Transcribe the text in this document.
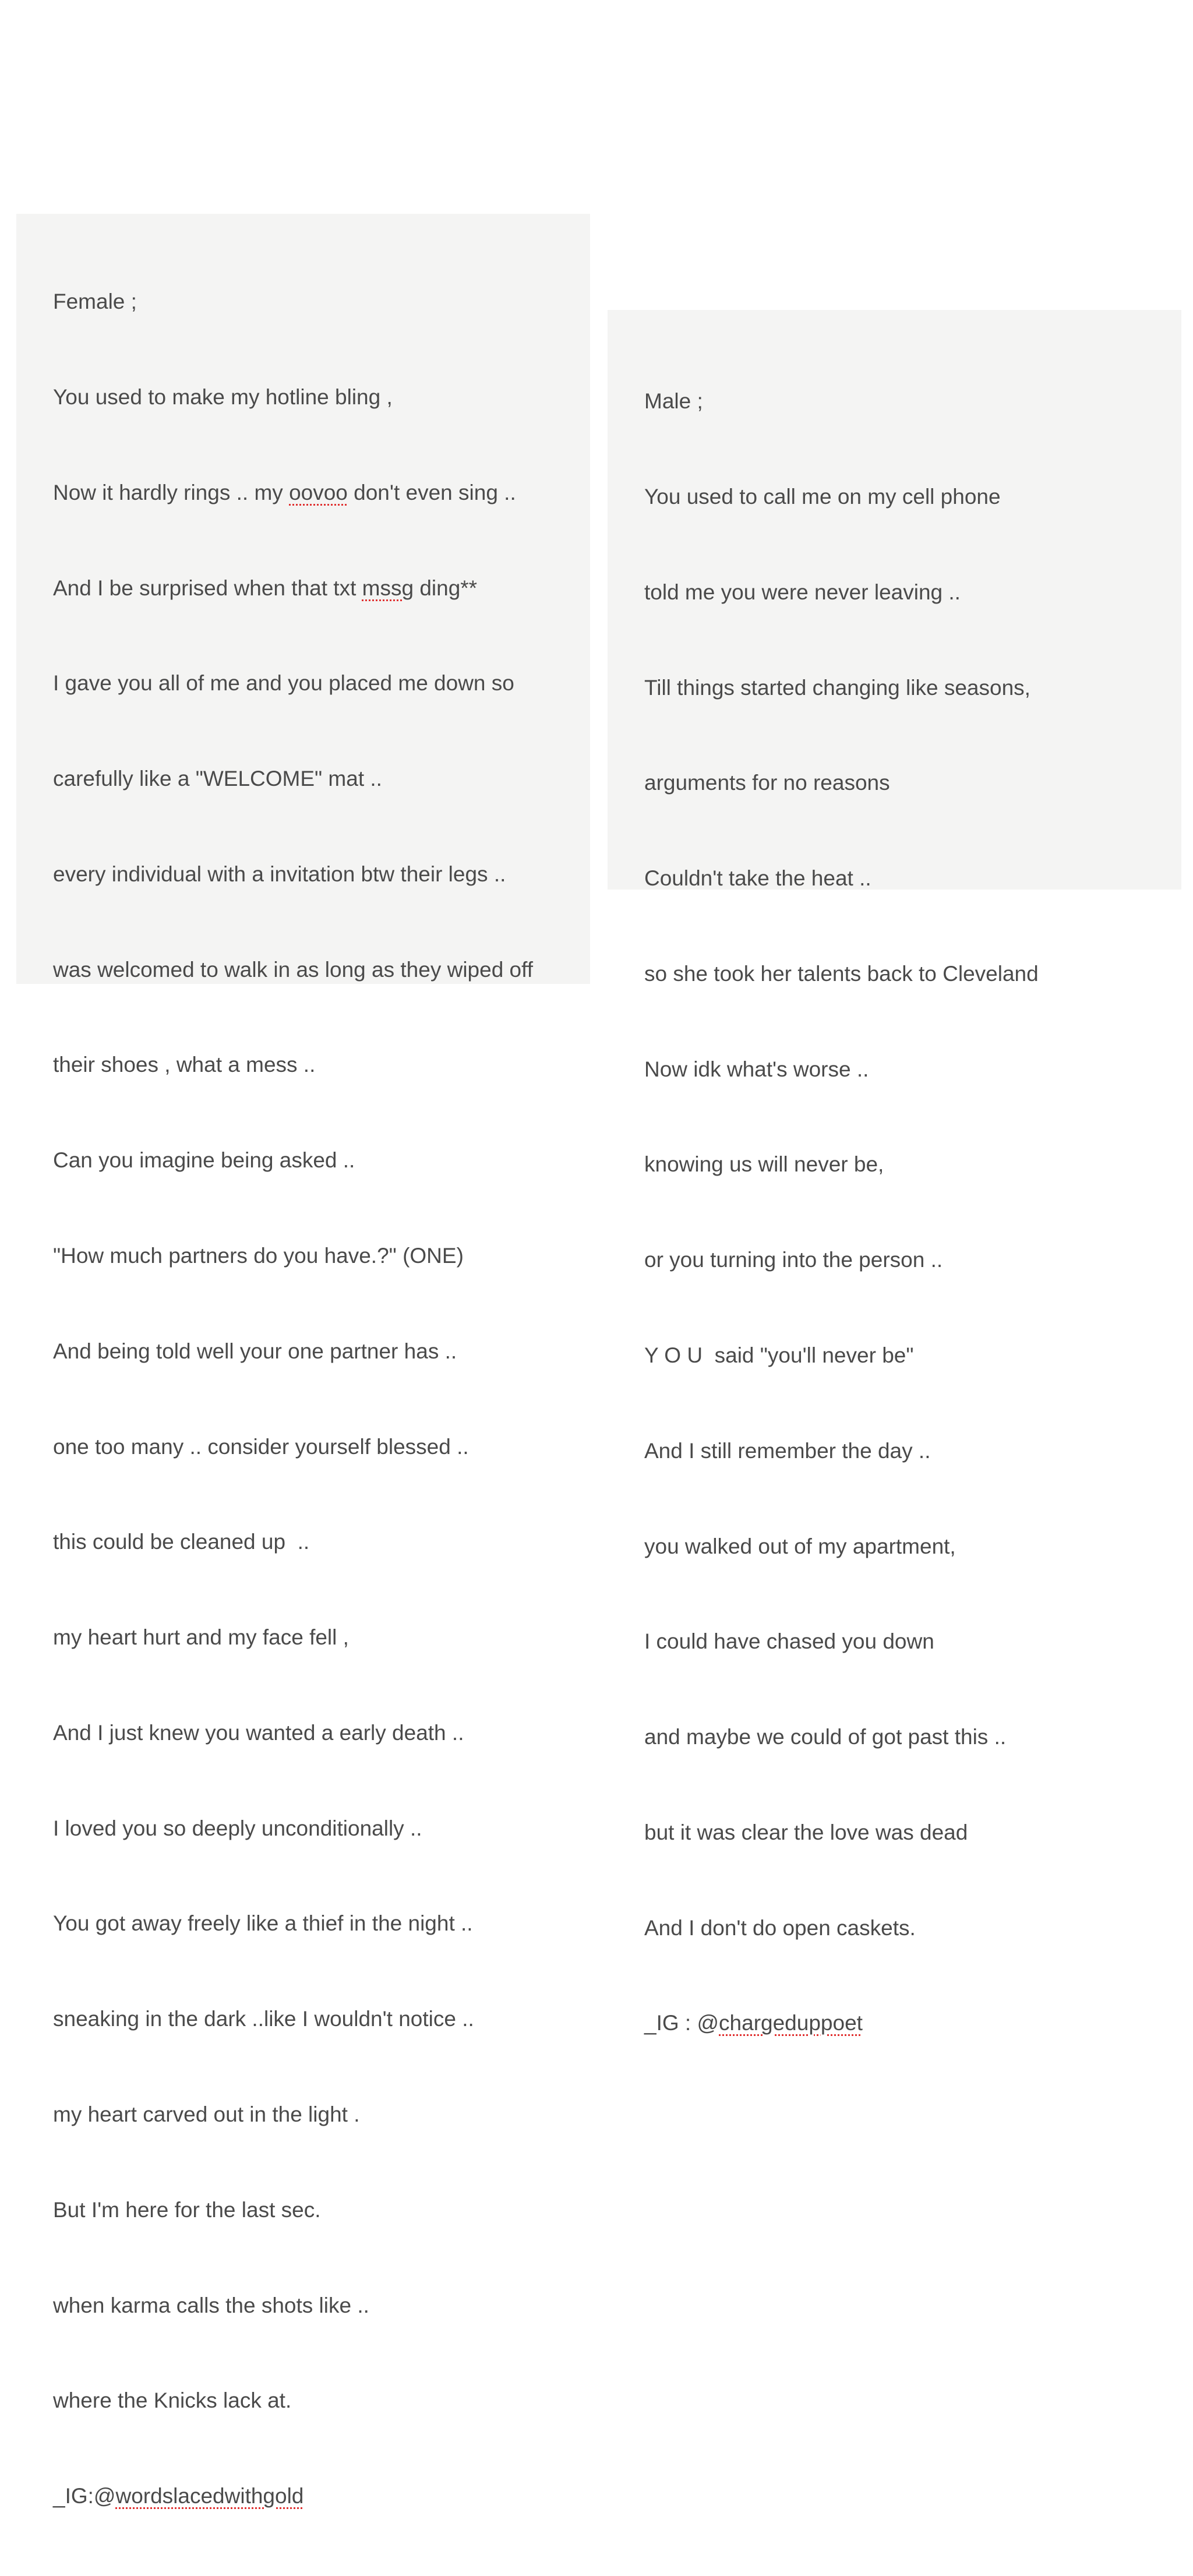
Female ;

You used to make my hotline bling ,

Now it hardly rings .. my oovoo don't even sing ..

And I be surprised when that txt mssg ding**

I gave you all of me and you placed me down so

carefully like a "WELCOME" mat ..

every individual with a invitation btw their legs ..

was welcomed to walk in as long as they wiped off

their shoes , what a mess ..

Can you imagine being asked ..

"How much partners do you have.?" (ONE)

And being told well your one partner has ..

one too many .. consider yourself blessed ..

this could be cleaned up  ..

my heart hurt and my face fell ,

And I just knew you wanted a early death ..

I loved you so deeply unconditionally ..

You got away freely like a thief in the night ..

sneaking in the dark ..like I wouldn't notice ..

my heart carved out in the light .

But I'm here for the last sec.

when karma calls the shots like ..

where the Knicks lack at.

_IG:@wordslacedwithgold

Male ;

You used to call me on my cell phone

told me you were never leaving ..

Till things started changing like seasons,

arguments for no reasons

Couldn't take the heat ..

so she took her talents back to Cleveland

Now idk what's worse ..

knowing us will never be,

or you turning into the person ..

Y O U  said "you'll never be"

And I still remember the day ..

you walked out of my apartment,

I could have chased you down

and maybe we could of got past this ..

but it was clear the love was dead

And I don't do open caskets.

_IG : @chargeduppoet
